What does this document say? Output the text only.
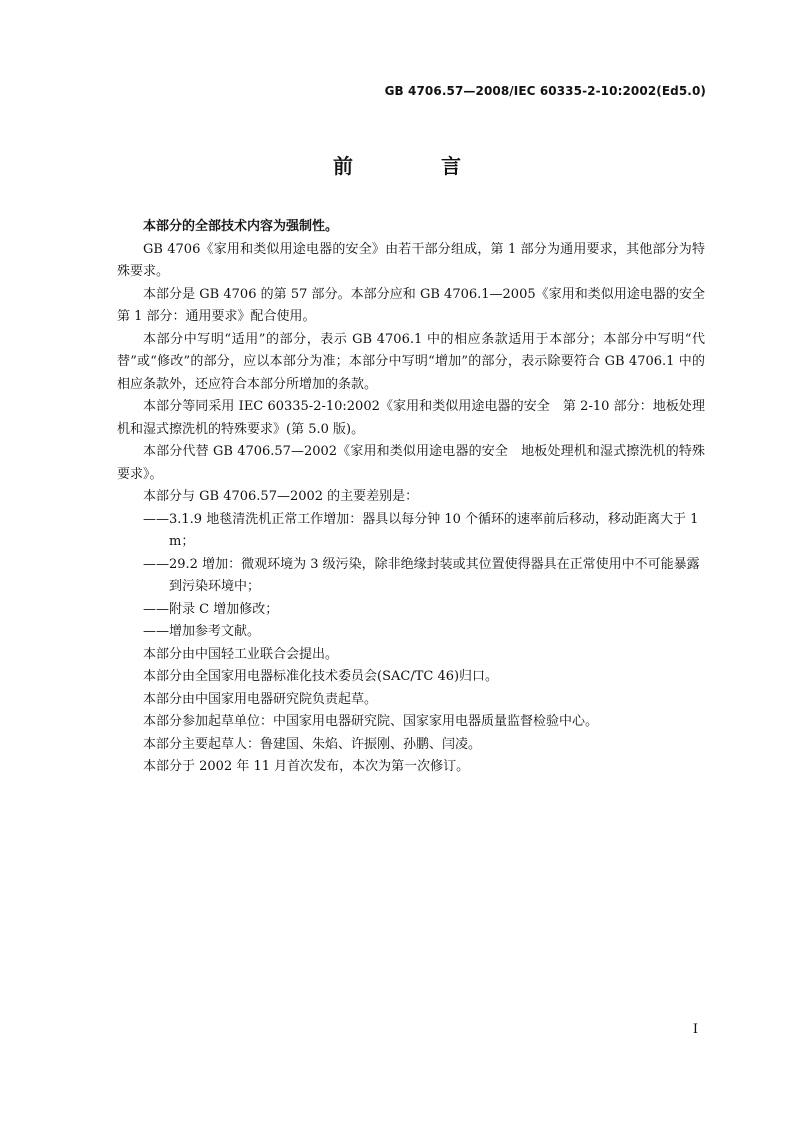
GB 4706.57—2008/IEC 60335-2-10:2002(Ed5.0)
前　言

本部分的全部技术内容为强制性。

GB 4706《家用和类似用途电器的安全》由若干部分组成，第 1 部分为通用要求，其他部分为特殊要求。

本部分是 GB 4706 的第 57 部分。本部分应和 GB 4706.1—2005《家用和类似用途电器的安全　第 1 部分：通用要求》配合使用。

本部分中写明“适用”的部分，表示 GB 4706.1 中的相应条款适用于本部分；本部分中写明“代替”或“修改”的部分，应以本部分为准；本部分中写明“增加”的部分，表示除要符合 GB 4706.1 中的相应条款外，还应符合本部分所增加的条款。

本部分等同采用 IEC 60335-2-10:2002《家用和类似用途电器的安全　第 2-10 部分：地板处理机和湿式擦洗机的特殊要求》(第 5.0 版)。

本部分代替 GB 4706.57—2002《家用和类似用途电器的安全　地板处理机和湿式擦洗机的特殊要求》。

本部分与 GB 4706.57—2002 的主要差别是：

——3.1.9 地毯清洗机正常工作增加：器具以每分钟 10 个循环的速率前后移动，移动距离大于 1 m；

——29.2 增加：微观环境为 3 级污染，除非绝缘封装或其位置使得器具在正常使用中不可能暴露到污染环境中；

——附录 C 增加修改；

——增加参考文献。

本部分由中国轻工业联合会提出。

本部分由全国家用电器标准化技术委员会(SAC/TC 46)归口。

本部分由中国家用电器研究院负责起草。

本部分参加起草单位：中国家用电器研究院、国家家用电器质量监督检验中心。

本部分主要起草人：鲁建国、朱焰、许振刚、孙鹏、闫凌。

本部分于 2002 年 11 月首次发布，本次为第一次修订。

I
